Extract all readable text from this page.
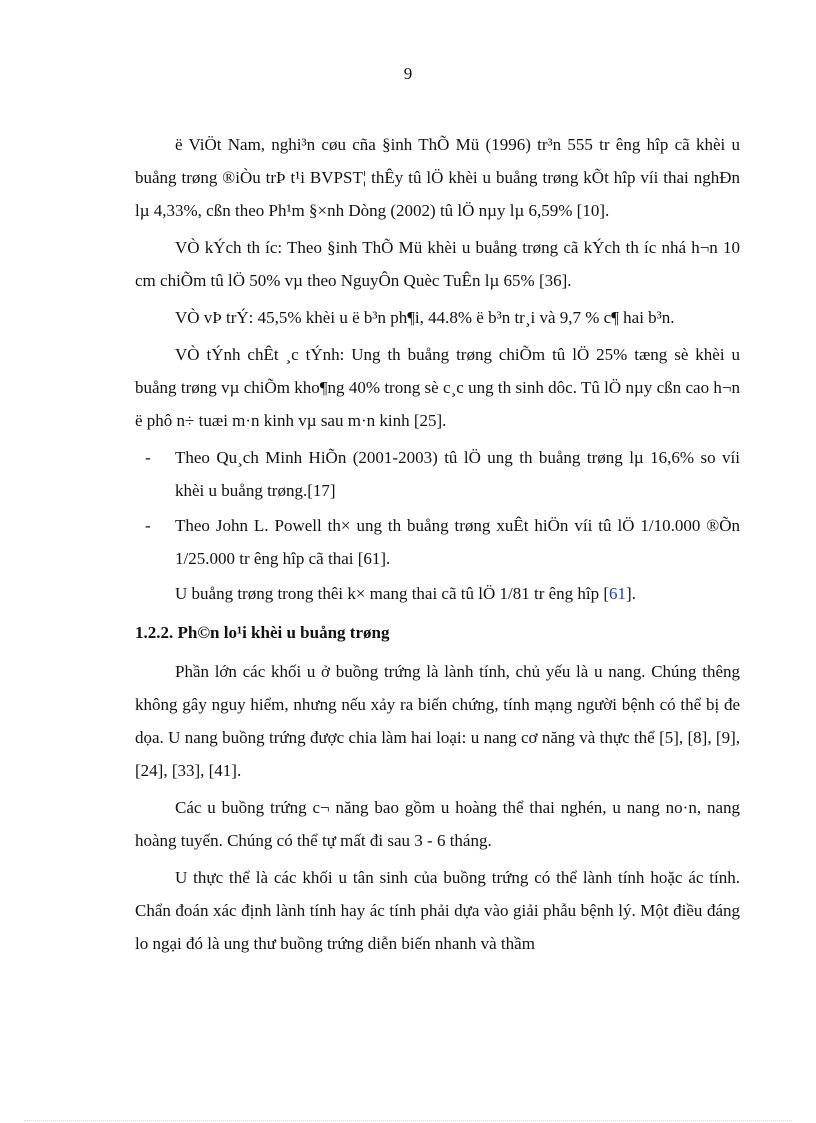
9

ë ViÖt Nam, nghi³n cøu cña §inh ThÕ Mü (1996) tr³n 555 tr êng hîp cã khèi u buång trøng ®iÒu trÞ t¹i BVPST¦ thÊy tû lÖ khèi u buång trøng kÕt hîp víi thai nghÐn lµ 4,33%, cßn theo Ph¹m §×nh Dòng (2002) tû lÖ nµy lµ 6,59% [10].

VÒ kÝch th íc: Theo §inh ThÕ Mü khèi u buång trøng cã kÝch th íc nhá h¬n 10 cm chiÕm tû lÖ 50% vµ theo NguyÔn Quèc TuÊn lµ 65% [36].

VÒ vÞ trÝ: 45,5% khèi u ë b³n ph¶i, 44.8% ë b³n tr¸i và 9,7 % c¶ hai b³n.

VÒ tÝnh chÊt ¸c tÝnh: Ung th buång trøng chiÕm tû lÖ 25% tæng sè khèi u buång trøng vµ chiÕm kho¶ng 40% trong sè c¸c ung th sinh dôc. Tû lÖ nµy cßn cao h¬n ë phô n÷ tuæi m·n kinh vµ sau m·n kinh [25].

-	Theo Qu¸ch Minh HiÕn (2001-2003) tû lÖ ung th buång trøng lµ 16,6% so víi khèi u buång trøng.[17]
-	Theo John L. Powell th× ung th buång trøng xuÊt hiÖn víi tû lÖ 1/10.000 ®Õn 1/25.000 tr êng hîp cã thai [61].

U buång trøng trong thêi k× mang thai cã tû lÖ 1/81 tr êng hîp [61].

1.2.2. Ph©n lo¹i khèi u buång trøng

Phần lớn các khối u ở buồng trứng là lành tính, chủ yếu là u nang. Chúng thêng không gây nguy hiểm, nhưng nếu xảy ra biến chứng, tính mạng người bệnh có thể bị đe dọa. U nang buồng trứng được chia làm hai loại: u nang cơ năng và thực thể [5], [8], [9], [24], [33], [41].

Các u buồng trứng c¬ năng bao gồm u hoàng thể thai nghén, u nang no·n, nang hoàng tuyến. Chúng có thể tự mất đi sau 3 - 6 tháng.

U thực thể là các khối u tân sinh của buồng trứng có thể lành tính hoặc ác tính. Chẩn đoán xác định lành tính hay ác tính phải dựa vào giải phẫu bệnh lý. Một điều đáng lo ngại đó là ung thư buồng trứng diễn biến nhanh và thầm
